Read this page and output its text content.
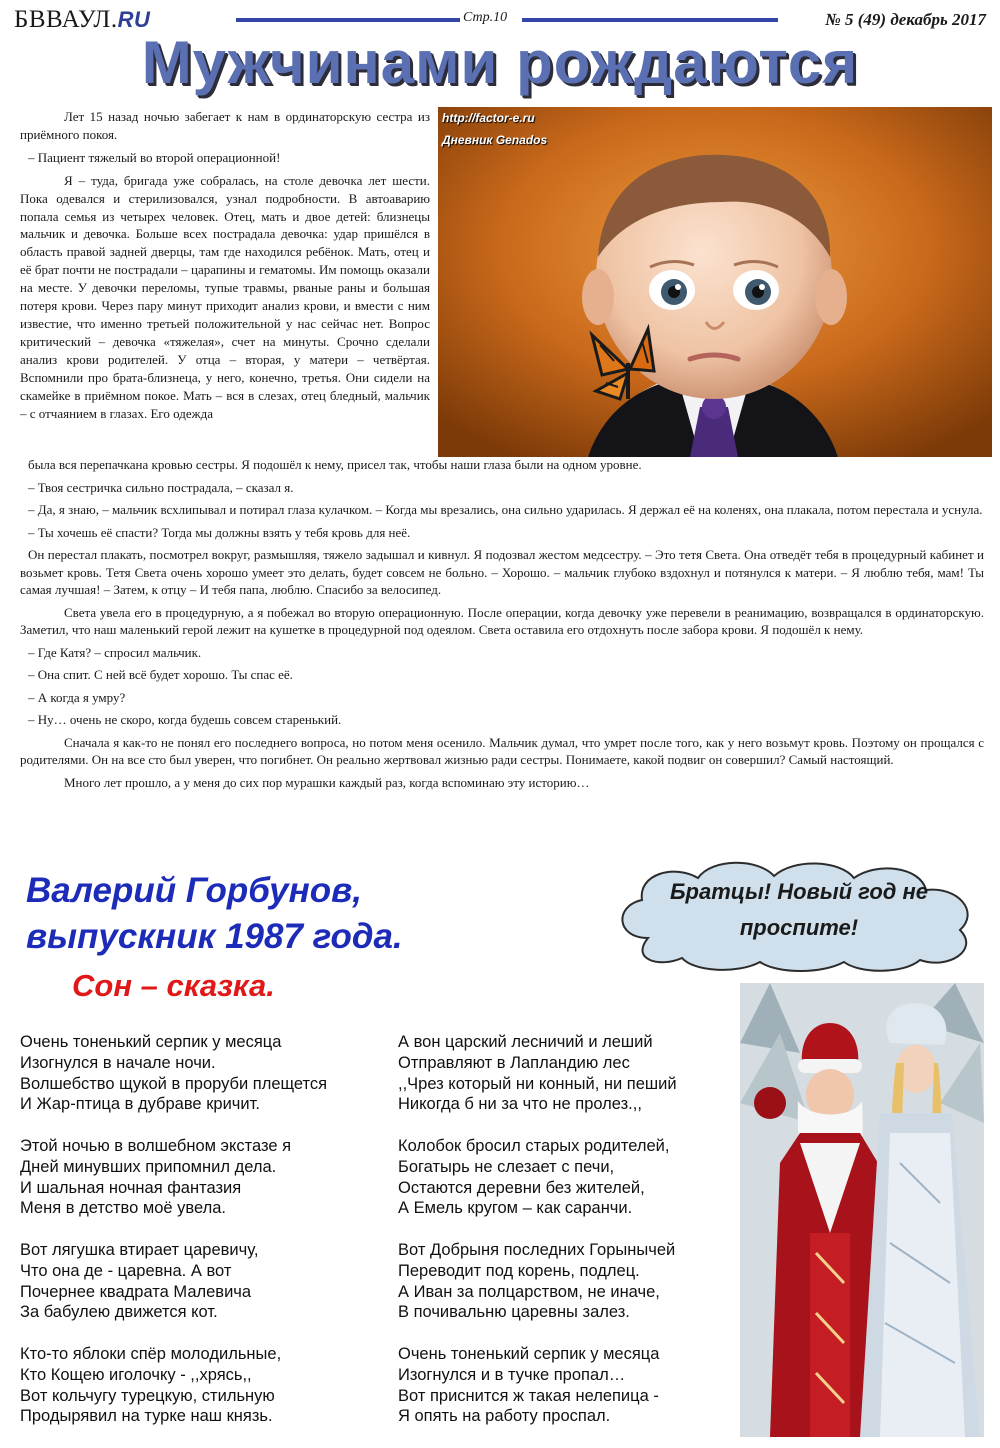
БВВАУЛ.RU	Стр.10	№ 5 (49) декабрь 2017
Мужчинами рождаются

Лет 15 назад ночью забегает к нам в ординаторскую сестра из приёмного покоя.

– Пациент тяжелый во второй операционной!

Я – туда, бригада уже собралась, на столе девочка лет шести. Пока одевался и стерилизовался, узнал подробности. В автоаварию попала семья из четырех человек. Отец, мать и двое детей: близнецы мальчик и девочка. Больше всех пострадала девочка: удар пришёлся в область правой задней дверцы, там где находился ребёнок. Мать, отец и её брат почти не пострадали – царапины и гематомы. Им помощь оказали на месте. У девочки переломы, тупые травмы, рваные раны и большая потеря крови. Через пару минут приходит анализ крови, и вмести с ним известие, что именно третьей положительной у нас сейчас нет. Вопрос критический – девочка «тяжелая», счет на минуты. Срочно сделали анализ крови родителей. У отца – вторая, у матери – четвёртая. Вспомнили про брата-близнеца, у него, конечно, третья. Они сидели на скамейке в приёмном покое. Мать – вся в слезах, отец бледный, мальчик – с отчаянием в глазах. Его одежда

http://factor-e.ru
Дневник Genados

была вся перепачкана кровью сестры. Я подошёл к нему, присел так, чтобы наши глаза были на одном уровне.

– Твоя сестричка сильно пострадала, – сказал я.

– Да, я знаю, – мальчик всхлипывал и потирал глаза кулачком. – Когда мы врезались, она сильно ударилась. Я держал её на коленях, она плакала, потом перестала и уснула.

– Ты хочешь её спасти? Тогда мы должны взять у тебя кровь для неё.

Он перестал плакать, посмотрел вокруг, размышляя, тяжело задышал и кивнул. Я подозвал жестом медсестру. – Это тетя Света. Она отведёт тебя в процедурный кабинет и возьмет кровь. Тетя Света очень хорошо умеет это делать, будет совсем не больно. – Хорошо. – мальчик глубоко вздохнул и потянулся к матери. – Я люблю тебя, мам! Ты самая лучшая! – Затем, к отцу – И тебя папа, люблю. Спасибо за велосипед.

Света увела его в процедурную, а я побежал во вторую операционную. После операции, когда девочку уже перевели в реанимацию, возвращался в ординаторскую. Заметил, что наш маленький герой лежит на кушетке в процедурной под одеялом. Света оставила его отдохнуть после забора крови. Я подошёл к нему.

– Где Катя? – спросил мальчик.

– Она спит. С ней всё будет хорошо. Ты спас её.

– А когда я умру?

– Ну… очень не скоро, когда будешь совсем старенький.

Сначала я как-то не понял его последнего вопроса, но потом меня осенило. Мальчик думал, что умрет после того, как у него возьмут кровь. Поэтому он прощался с родителями. Он на все сто был уверен, что погибнет. Он реально жертвовал жизнью ради сестры. Понимаете, какой подвиг он совершил? Самый настоящий.

Много лет прошло, а у меня до сих пор мурашки каждый раз, когда вспоминаю эту историю…

Валерий Горбунов,
выпускник 1987 года.
Сон – сказка.
Братцы! Новый год не проспите!
Очень тоненький серпик у месяца
Изогнулся в начале ночи.
Волшебство щукой в проруби плещется
И Жар-птица в дубраве кричит.
Этой ночью в волшебном экстазе я
Дней минувших припомнил дела.
И шальная ночная фантазия
Меня в детство моё увела.
Вот лягушка втирает царевичу,
Что она де - царевна. А вот
Почернее квадрата Малевича
За бабулею движется кот.
Кто-то яблоки спёр молодильные,
Кто Кощею иголочку - ,,хрясь,,
Вот кольчугу турецкую, стильную
Продырявил на турке наш князь.
А вон царский лесничий и леший
Отправляют в Лапландию лес
,,Чрез который ни конный, ни пеший
Никогда б ни за что не пролез.,,
Колобок бросил старых родителей,
Богатырь не слезает с печи,
Остаются деревни без жителей,
А Емель кругом – как саранчи.
Вот Добрыня последних Горынычей
Переводит под корень, подлец.
А Иван за полцарством, не иначе,
В почивальню царевны залез.
Очень тоненький серпик у месяца
Изогнулся и в тучке пропал…
Вот приснится ж такая нелепица -
Я опять на работу проспал.
